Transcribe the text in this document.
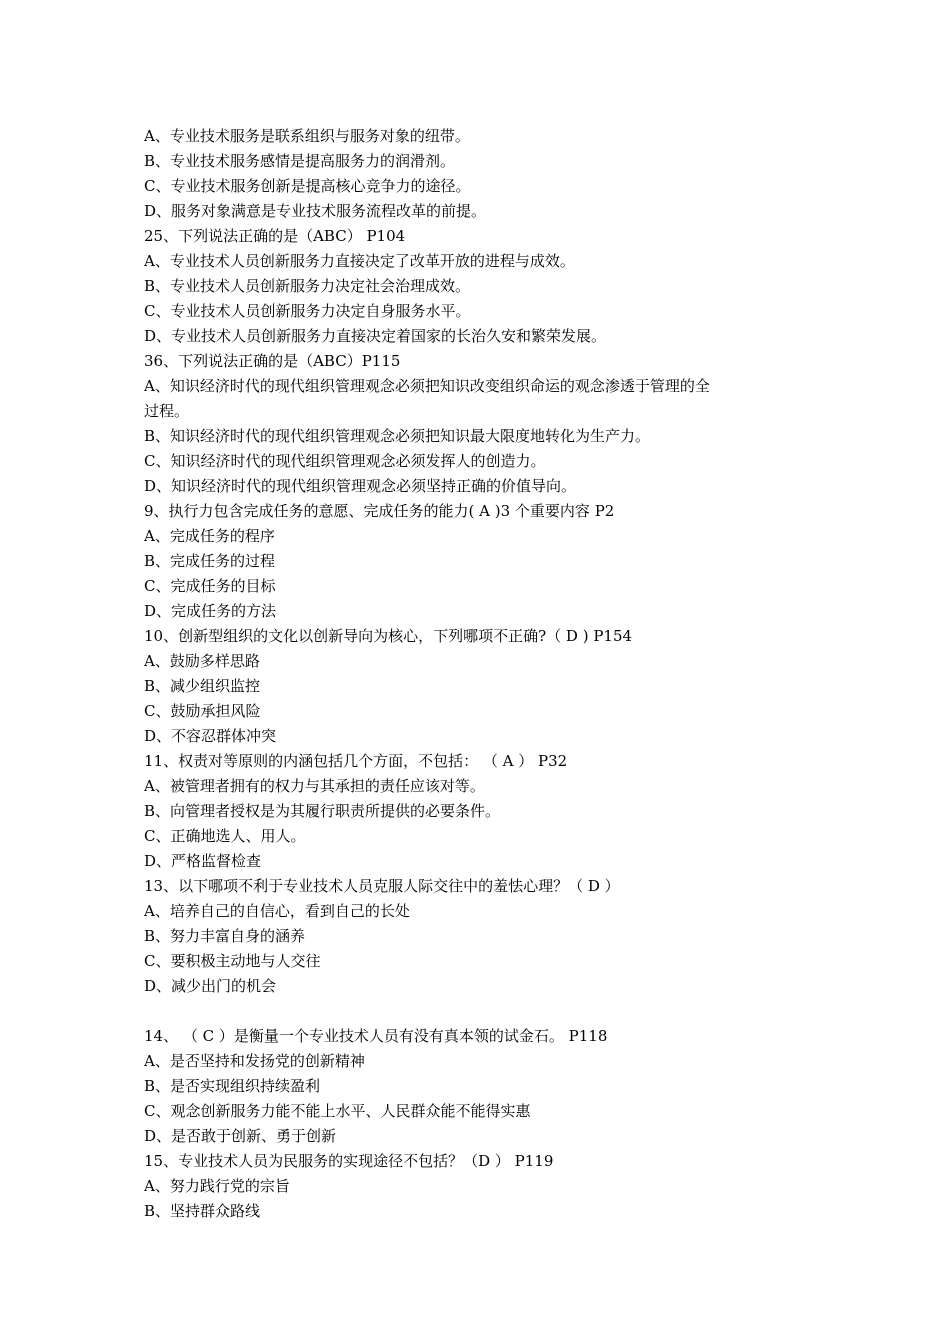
A、专业技术服务是联系组织与服务对象的纽带。
B、专业技术服务感情是提高服务力的润滑剂。
C、专业技术服务创新是提高核心竞争力的途径。
D、服务对象满意是专业技术服务流程改革的前提。
25、下列说法正确的是（ABC） P104
A、专业技术人员创新服务力直接决定了改革开放的进程与成效。
B、专业技术人员创新服务力决定社会治理成效。
C、专业技术人员创新服务力决定自身服务水平。
D、专业技术人员创新服务力直接决定着国家的长治久安和繁荣发展。
36、下列说法正确的是（ABC）P115
A、知识经济时代的现代组织管理观念必须把知识改变组织命运的观念渗透于管理的全
过程。
B、知识经济时代的现代组织管理观念必须把知识最大限度地转化为生产力。
C、知识经济时代的现代组织管理观念必须发挥人的创造力。
D、知识经济时代的现代组织管理观念必须坚持正确的价值导向。
9、执行力包含完成任务的意愿、完成任务的能力( A )3 个重要内容 P2
A、完成任务的程序
B、完成任务的过程
C、完成任务的目标
D、完成任务的方法
10、创新型组织的文化以创新导向为核心，下列哪项不正确?（ D ) P154
A、鼓励多样思路
B、减少组织监控
C、鼓励承担风险
D、不容忍群体冲突
11、权责对等原则的内涵包括几个方面，不包括： （ A ） P32
A、被管理者拥有的权力与其承担的责任应该对等。
B、向管理者授权是为其履行职责所提供的必要条件。
C、正确地选人、用人。
D、严格监督检查
13、以下哪项不利于专业技术人员克服人际交往中的羞怯心理？（ D ）
A、培养自己的自信心，看到自己的长处
B、努力丰富自身的涵养
C、要积极主动地与人交往
D、减少出门的机会
14、 （ C ）是衡量一个专业技术人员有没有真本领的试金石。 P118
A、是否坚持和发扬党的创新精神
B、是否实现组织持续盈利
C、观念创新服务力能不能上水平、人民群众能不能得实惠
D、是否敢于创新、勇于创新
15、专业技术人员为民服务的实现途径不包括？（D ） P119
A、努力践行党的宗旨
B、坚持群众路线
